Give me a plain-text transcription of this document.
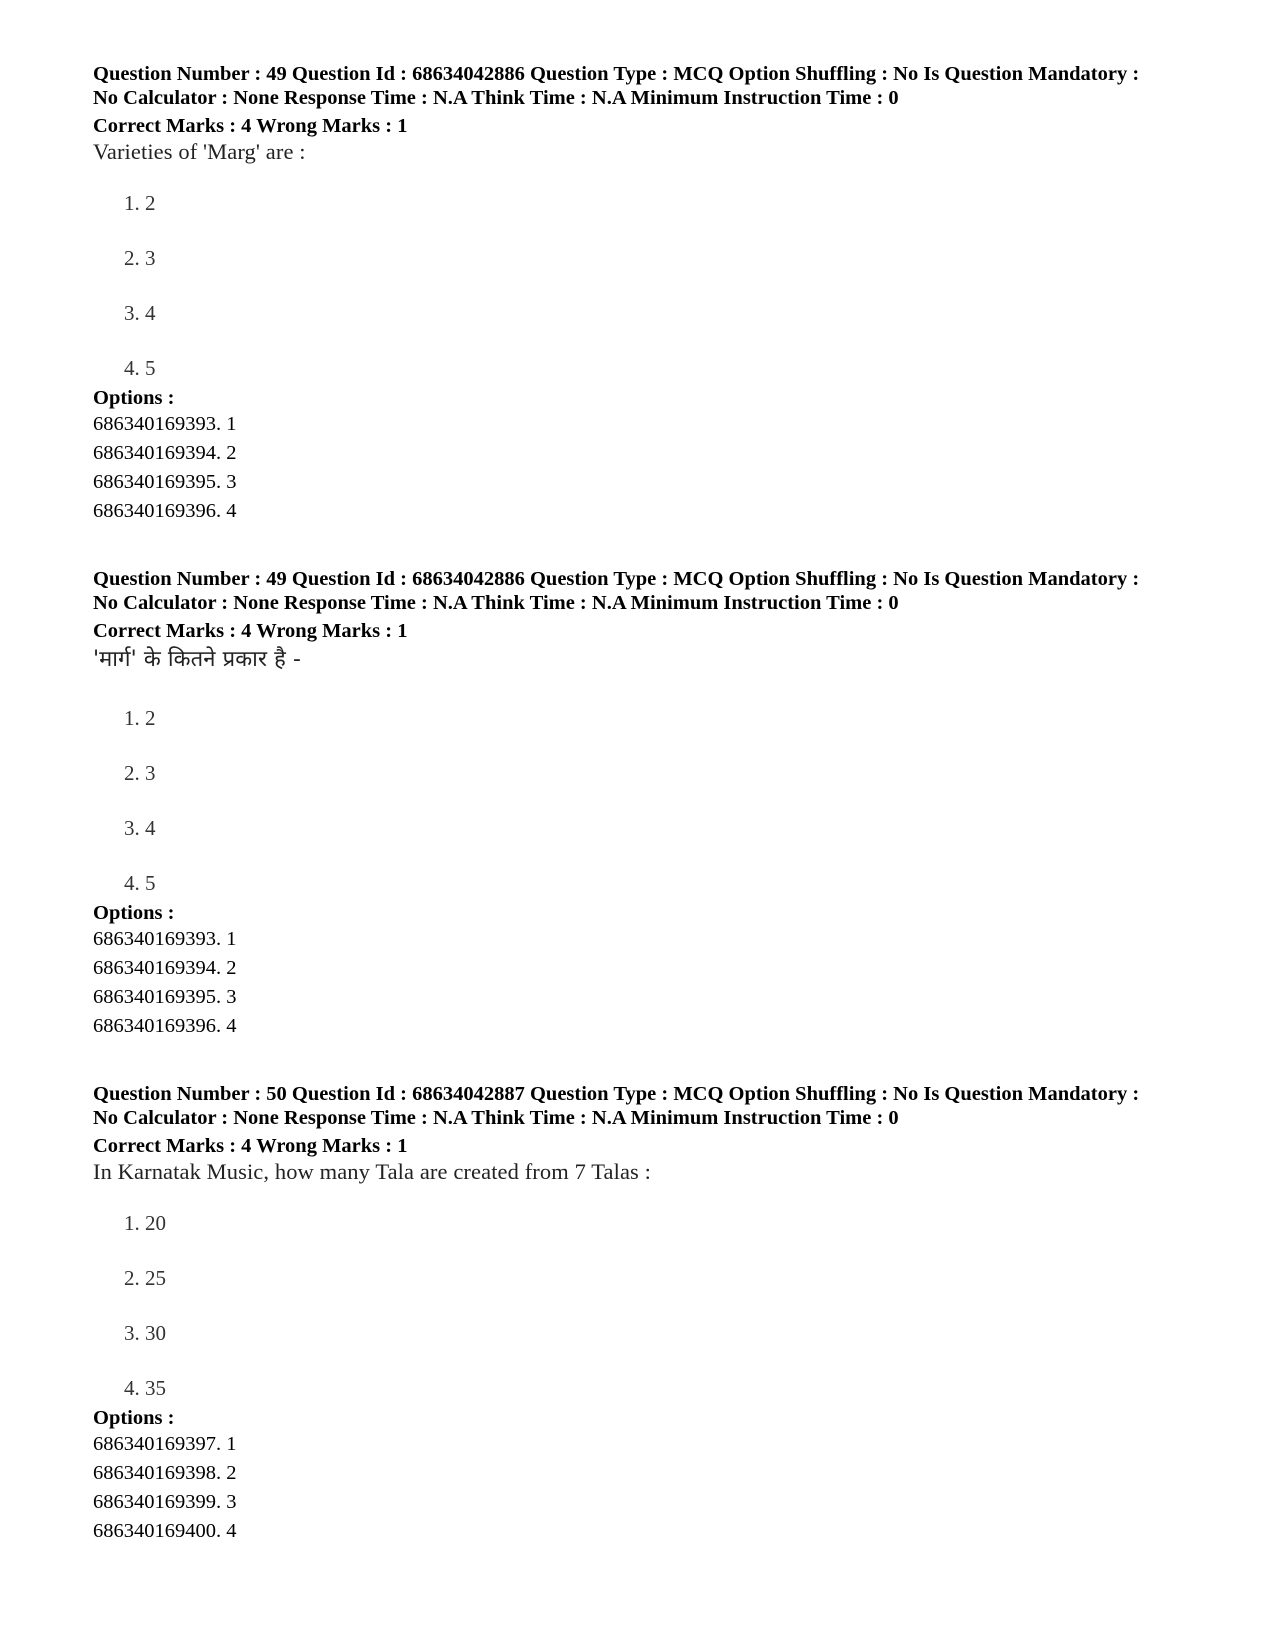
Question Number : 49 Question Id : 68634042886 Question Type : MCQ Option Shuffling : No Is Question Mandatory :
No Calculator : None Response Time : N.A Think Time : N.A Minimum Instruction Time : 0
Correct Marks : 4 Wrong Marks : 1
Varieties of 'Marg' are :
1. 2
2. 3
3. 4
4. 5
Options :
686340169393. 1
686340169394. 2
686340169395. 3
686340169396. 4
Question Number : 49 Question Id : 68634042886 Question Type : MCQ Option Shuffling : No Is Question Mandatory :
No Calculator : None Response Time : N.A Think Time : N.A Minimum Instruction Time : 0
Correct Marks : 4 Wrong Marks : 1
'मार्ग' के कितने प्रकार है -
1. 2
2. 3
3. 4
4. 5
Options :
686340169393. 1
686340169394. 2
686340169395. 3
686340169396. 4
Question Number : 50 Question Id : 68634042887 Question Type : MCQ Option Shuffling : No Is Question Mandatory :
No Calculator : None Response Time : N.A Think Time : N.A Minimum Instruction Time : 0
Correct Marks : 4 Wrong Marks : 1
In Karnatak Music, how many Tala are created from 7 Talas :
1. 20
2. 25
3. 30
4. 35
Options :
686340169397. 1
686340169398. 2
686340169399. 3
686340169400. 4
